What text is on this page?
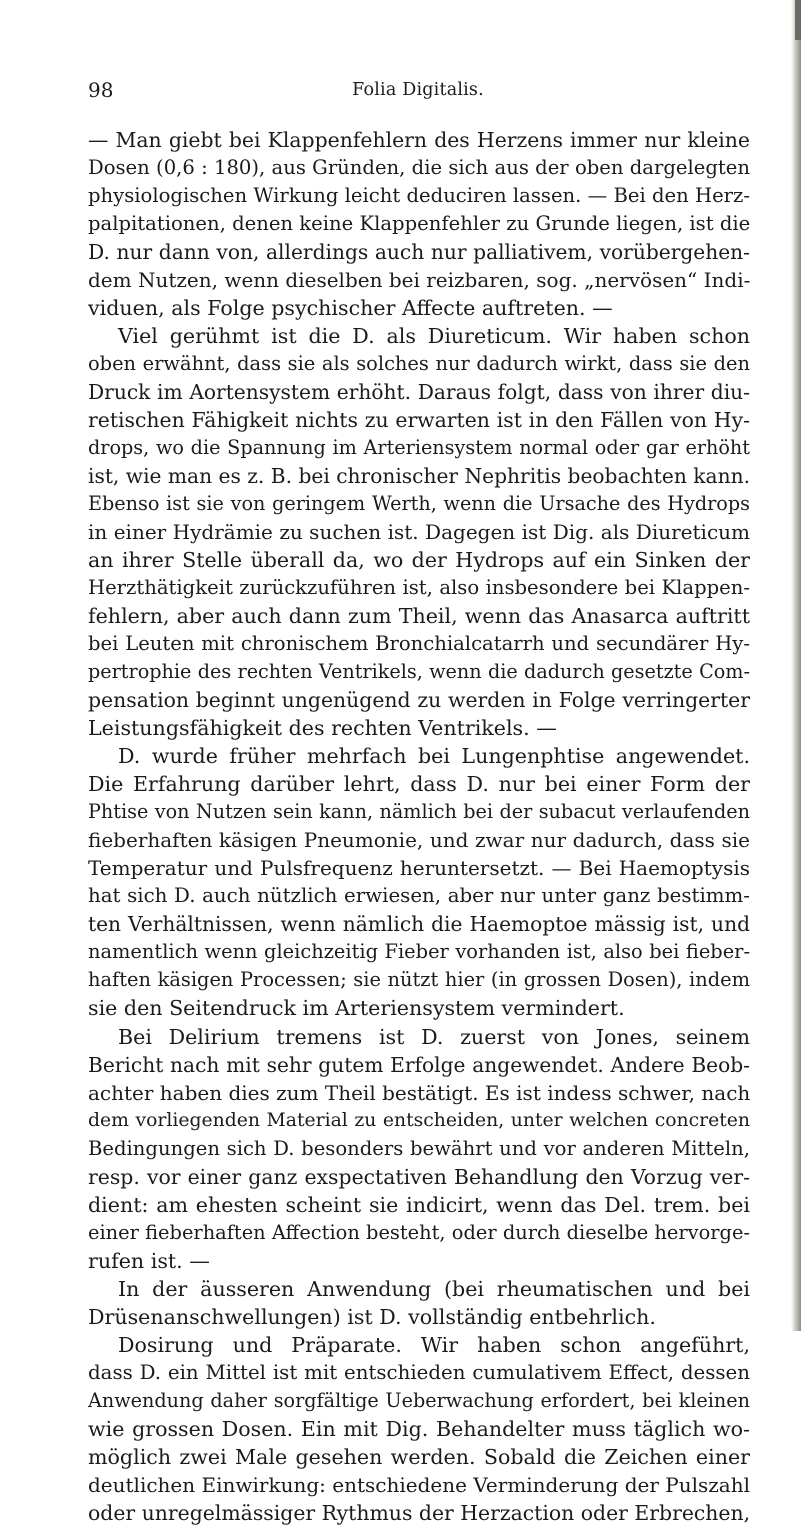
98	Folia Digitalis.
— Man giebt bei Klappenfehlern des Herzens immer nur kleine
Dosen (0,6 : 180), aus Gründen, die sich aus der oben dargelegten
physiologischen Wirkung leicht deduciren lassen. — Bei den Herz-
palpitationen, denen keine Klappenfehler zu Grunde liegen, ist die
D. nur dann von, allerdings auch nur palliativem, vorübergehen-
dem Nutzen, wenn dieselben bei reizbaren, sog. „nervösen“ Indi-
viduen, als Folge psychischer Affecte auftreten. —
Viel gerühmt ist die D. als Diureticum. Wir haben schon
oben erwähnt, dass sie als solches nur dadurch wirkt, dass sie den
Druck im Aortensystem erhöht. Daraus folgt, dass von ihrer diu-
retischen Fähigkeit nichts zu erwarten ist in den Fällen von Hy-
drops, wo die Spannung im Arteriensystem normal oder gar erhöht
ist, wie man es z. B. bei chronischer Nephritis beobachten kann.
Ebenso ist sie von geringem Werth, wenn die Ursache des Hydrops
in einer Hydrämie zu suchen ist. Dagegen ist Dig. als Diureticum
an ihrer Stelle überall da, wo der Hydrops auf ein Sinken der
Herzthätigkeit zurückzuführen ist, also insbesondere bei Klappen-
fehlern, aber auch dann zum Theil, wenn das Anasarca auftritt
bei Leuten mit chronischem Bronchialcatarrh und secundärer Hy-
pertrophie des rechten Ventrikels, wenn die dadurch gesetzte Com-
pensation beginnt ungenügend zu werden in Folge verringerter
Leistungsfähigkeit des rechten Ventrikels. —
D. wurde früher mehrfach bei Lungenphtise angewendet.
Die Erfahrung darüber lehrt, dass D. nur bei einer Form der
Phtise von Nutzen sein kann, nämlich bei der subacut verlaufenden
fieberhaften käsigen Pneumonie, und zwar nur dadurch, dass sie
Temperatur und Pulsfrequenz heruntersetzt. — Bei Haemoptysis
hat sich D. auch nützlich erwiesen, aber nur unter ganz bestimm-
ten Verhältnissen, wenn nämlich die Haemoptoe mässig ist, und
namentlich wenn gleichzeitig Fieber vorhanden ist, also bei fieber-
haften käsigen Processen; sie nützt hier (in grossen Dosen), indem
sie den Seitendruck im Arteriensystem vermindert.
Bei Delirium tremens ist D. zuerst von Jones, seinem
Bericht nach mit sehr gutem Erfolge angewendet. Andere Beob-
achter haben dies zum Theil bestätigt. Es ist indess schwer, nach
dem vorliegenden Material zu entscheiden, unter welchen concreten
Bedingungen sich D. besonders bewährt und vor anderen Mitteln,
resp. vor einer ganz exspectativen Behandlung den Vorzug ver-
dient: am ehesten scheint sie indicirt, wenn das Del. trem. bei
einer fieberhaften Affection besteht, oder durch dieselbe hervorge-
rufen ist. —
In der äusseren Anwendung (bei rheumatischen und bei
Drüsenanschwellungen) ist D. vollständig entbehrlich.
Dosirung und Präparate. Wir haben schon angeführt,
dass D. ein Mittel ist mit entschieden cumulativem Effect, dessen
Anwendung daher sorgfältige Ueberwachung erfordert, bei kleinen
wie grossen Dosen. Ein mit Dig. Behandelter muss täglich wo-
möglich zwei Male gesehen werden. Sobald die Zeichen einer
deutlichen Einwirkung: entschiedene Verminderung der Pulszahl
oder unregelmässiger Rythmus der Herzaction oder Erbrechen,
